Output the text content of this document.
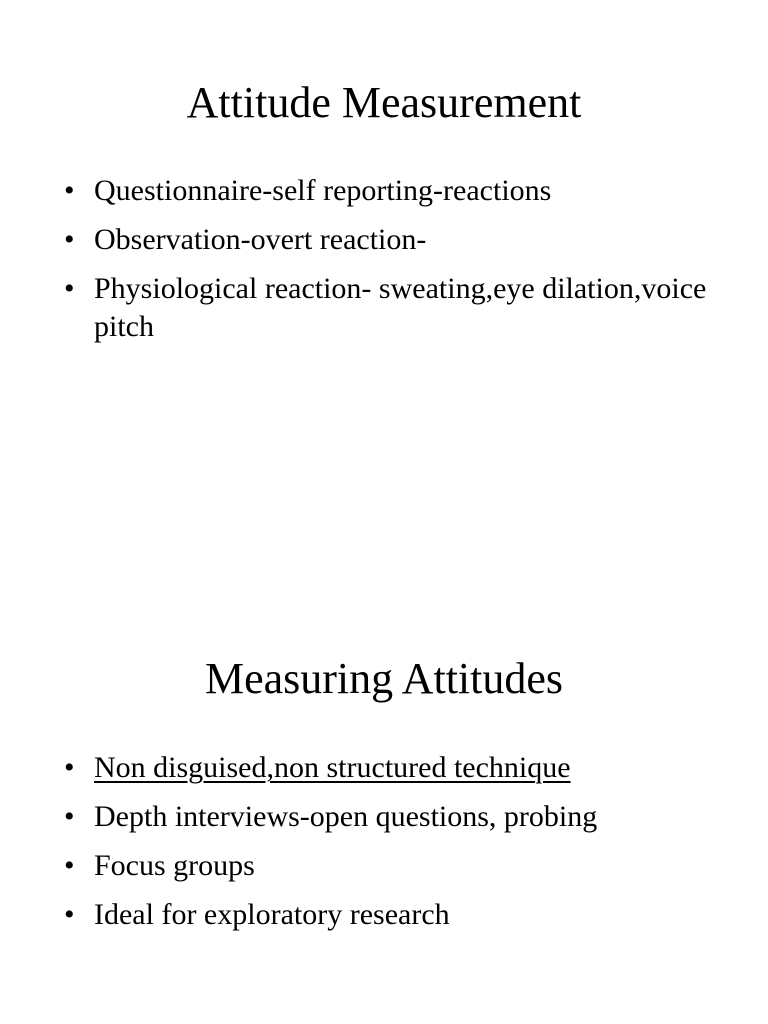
Attitude Measurement
• Questionnaire-self reporting-reactions
• Observation-overt reaction-
• Physiological reaction- sweating,eye dilation,voice pitch
Measuring Attitudes
• Non disguised,non structured technique
• Depth interviews-open questions, probing
• Focus groups
• Ideal for exploratory research
